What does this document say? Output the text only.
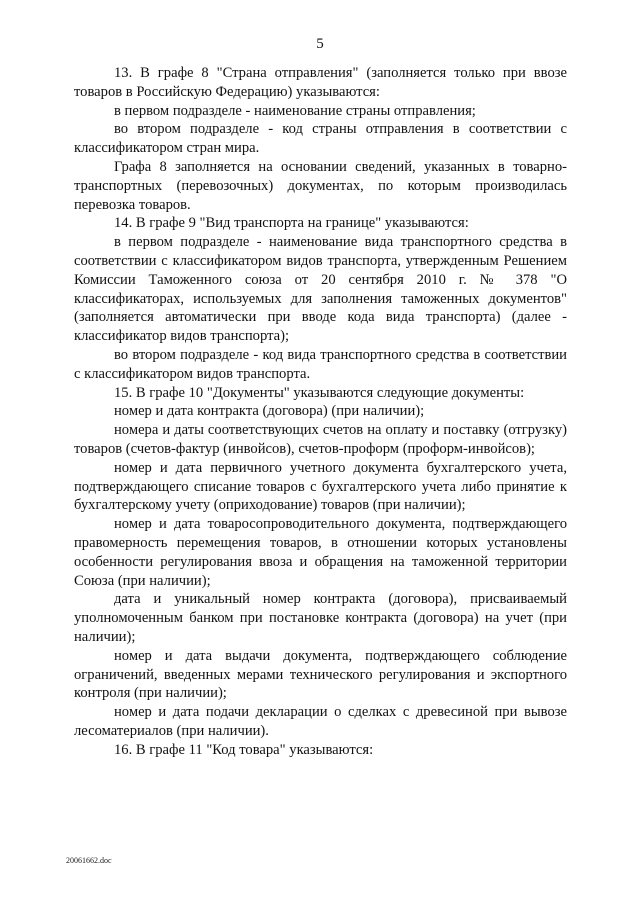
5

13. В графе 8 "Страна отправления" (заполняется только при ввозе товаров в Российскую Федерацию) указываются:

в первом подразделе - наименование страны отправления;

во втором подразделе - код страны отправления в соответствии с классификатором стран мира.

Графа 8 заполняется на основании сведений, указанных в товарно-транспортных (перевозочных) документах, по которым производилась перевозка товаров.

14. В графе 9 "Вид транспорта на границе" указываются:

в первом подразделе - наименование вида транспортного средства в соответствии с классификатором видов транспорта, утвержденным Решением Комиссии Таможенного союза от 20 сентября 2010 г. № 378 "О классификаторах, используемых для заполнения таможенных документов" (заполняется автоматически при вводе кода вида транспорта) (далее - классификатор видов транспорта);

во втором подразделе - код вида транспортного средства в соответствии с классификатором видов транспорта.

15. В графе 10 "Документы" указываются следующие документы:

номер и дата контракта (договора) (при наличии);

номера и даты соответствующих счетов на оплату и поставку (отгрузку) товаров (счетов-фактур (инвойсов), счетов-проформ (проформ-инвойсов);

номер и дата первичного учетного документа бухгалтерского учета, подтверждающего списание товаров с бухгалтерского учета либо принятие к бухгалтерскому учету (оприходование) товаров (при наличии);

номер и дата товаросопроводительного документа, подтверждающего правомерность перемещения товаров, в отношении которых установлены особенности регулирования ввоза и обращения на таможенной территории Союза (при наличии);

дата и уникальный номер контракта (договора), присваиваемый уполномоченным банком при постановке контракта (договора) на учет (при наличии);

номер и дата выдачи документа, подтверждающего соблюдение ограничений, введенных мерами технического регулирования и экспортного контроля (при наличии);

номер и дата подачи декларации о сделках с древесиной при вывозе лесоматериалов (при наличии).

16. В графе 11 "Код товара" указываются:

20061662.doc
